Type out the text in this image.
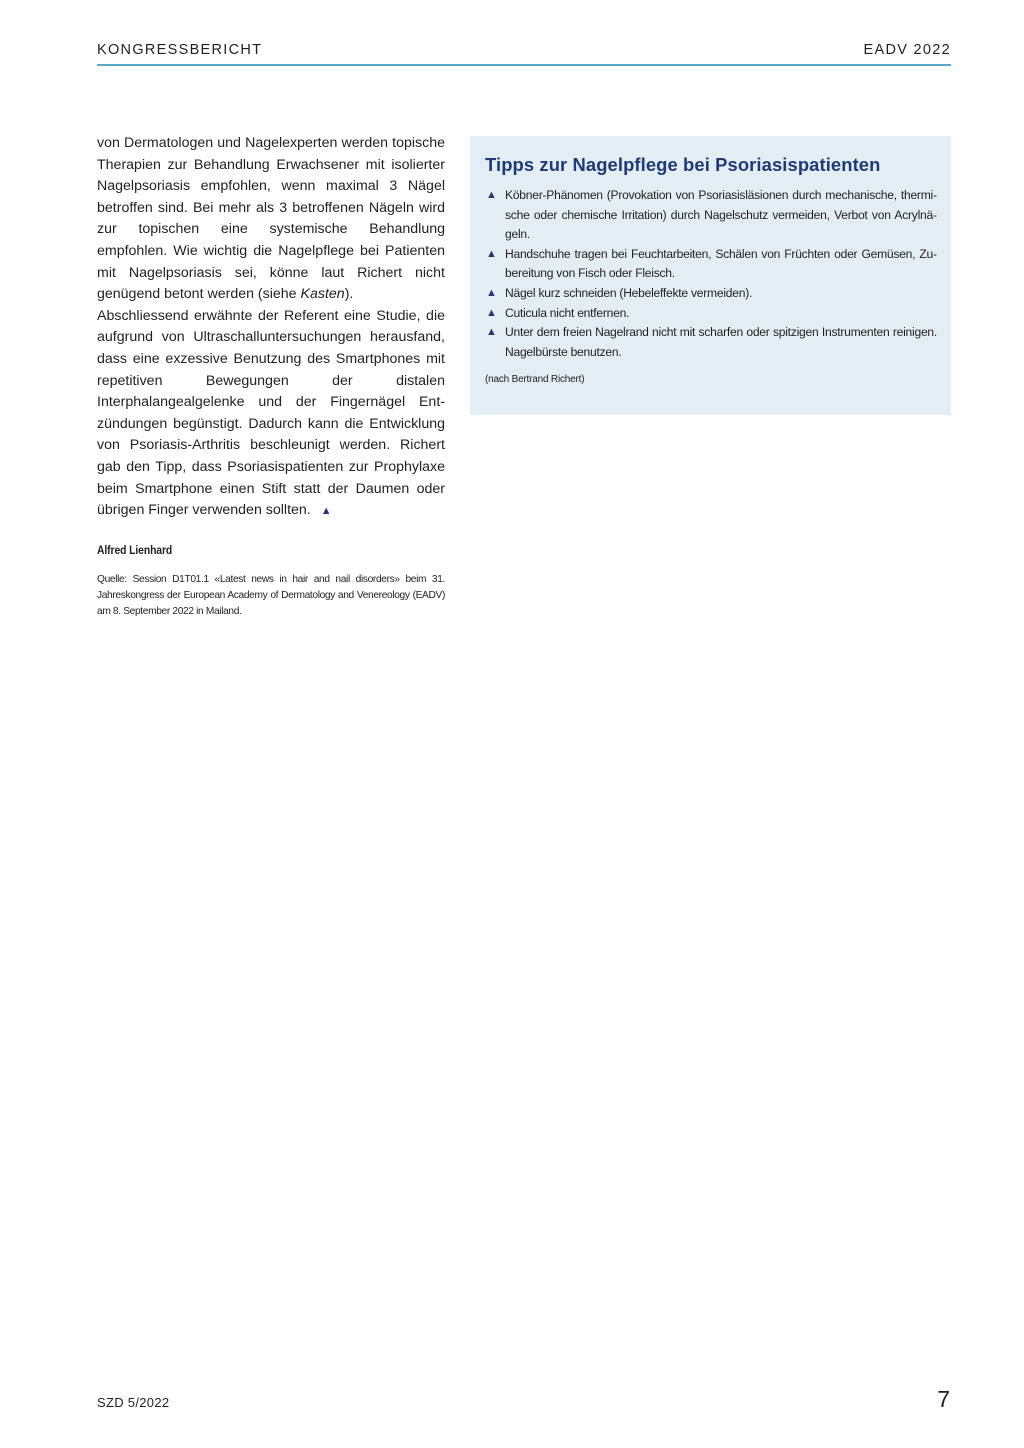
KONGRESSBERICHT	EADV 2022

von Dermatologen und Nagelexperten werden topische Therapien zur Behandlung Erwachsener mit isolierter Nagelpsoriasis empfohlen, wenn maximal 3 Nägel betroffen sind. Bei mehr als 3 betroffenen Nägeln wird zur topischen eine systemische Behandlung empfohlen. Wie wichtig die Nagelpflege bei Patienten mit Nagelpsoriasis sei, könne laut Richert nicht genügend betont werden (siehe Kasten).

Abschliessend erwähnte der Referent eine Studie, die aufgrund von Ultraschalluntersuchungen herausfand, dass eine exzessive Benutzung des Smartphones mit repetitiven Bewegungen der distalen Interphalangealgelenke und der Fingernägel Entzündungen begünstigt. Dadurch kann die Entwicklung von Psoriasis-Arthritis beschleunigt werden. Richert gab den Tipp, dass Psoriasispatienten zur Prophylaxe beim Smartphone einen Stift statt der Daumen oder übrigen Finger verwenden sollten. ▲

Alfred Lienhard
Quelle: Session D1T01.1 «Latest news in hair and nail disorders» beim 31. Jahreskongress der European Academy of Dermatology and Venereology (EADV) am 8. September 2022 in Mailand.
Tipps zur Nagelpflege bei Psoriasispatienten
▲ Köbner-Phänomen (Provokation von Psoriasisläsionen durch mechanische, thermische oder chemische Irritation) durch Nagelschutz vermeiden, Verbot von Acrylnägeln.
▲ Handschuhe tragen bei Feuchtarbeiten, Schälen von Früchten oder Gemüsen, Zubereitung von Fisch oder Fleisch.
▲ Nägel kurz schneiden (Hebeleffekte vermeiden).
▲ Cuticula nicht entfernen.
▲ Unter dem freien Nagelrand nicht mit scharfen oder spitzigen Instrumenten reinigen. Nagelbürste benutzen.
(nach Bertrand Richert)
SZD 5/2022	7
